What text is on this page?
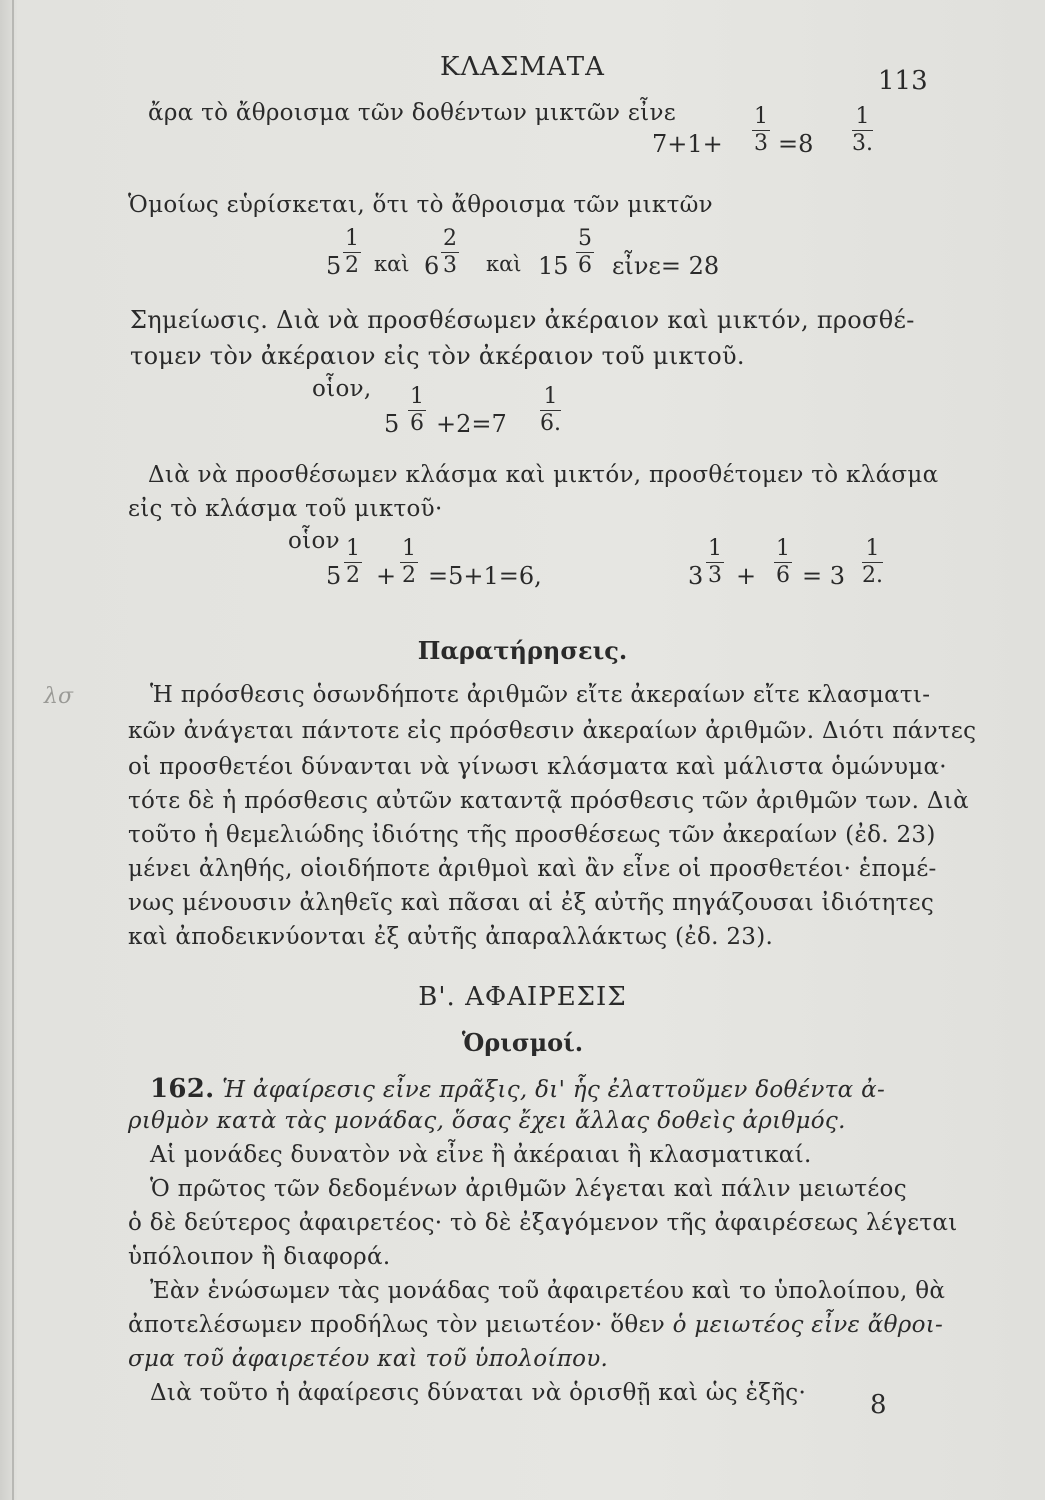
ΚΛΑΣΜΑΤΑ	113
ἄρα τὸ ἄθροισμα τῶν δοθέντων μικτῶν εἶνε
$7+1+ \frac{1}{3} =8 \frac{1}{3.}$
Ὁμοίως εὑρίσκεται, ὅτι τὸ ἄθροισμα τῶν μικτῶν
$5 \frac{1}{2}$ καὶ $6 \frac{2}{3}$ καὶ $15 \frac{5}{6}$ εἶνε= 28
Σημείωσις. Διὰ νὰ προσθέσωμεν ἀκέραιον καὶ μικτόν, προσθέ-
τομεν τὸν ἀκέραιον εἰς τὸν ἀκέραιον τοῦ μικτοῦ.
οἷον,
$5 \frac{1}{6} +2=7 \frac{1}{6.}$
Διὰ νὰ προσθέσωμεν κλάσμα καὶ μικτόν, προσθέτομεν τὸ κλάσμα
εἰς τὸ κλάσμα τοῦ μικτοῦ·
οἷον
$5 \frac{1}{2} + \frac{1}{2} =5+1=6$,	$3 \frac{1}{3} + \frac{1}{6} = 3 \frac{1}{2.}$
Παρατήρησεις.
λσ	Ἡ πρόσθεσις ὁσωνδήποτε ἀριθμῶν εἴτε ἀκεραίων εἴτε κλασματι-
κῶν ἀνάγεται πάντοτε εἰς πρόσθεσιν ἀκεραίων ἀριθμῶν. Διότι πάντες
οἱ προσθετέοι δύνανται νὰ γίνωσι κλάσματα καὶ μάλιστα ὁμώνυμα·
τότε δὲ ἡ πρόσθεσις αὐτῶν καταντᾷ πρόσθεσις τῶν ἀριθμῶν των. Διὰ
τοῦτο ἡ θεμελιώδης ἰδιότης τῆς προσθέσεως τῶν ἀκεραίων (ἐδ. 23)
μένει ἀληθής, οἱοιδήποτε ἀριθμοὶ καὶ ἂν εἶνε οἱ προσθετέοι· ἑπομέ-
νως μένουσιν ἀληθεῖς καὶ πᾶσαι αἱ ἐξ αὐτῆς πηγάζουσαι ἰδιότητες
καὶ ἀποδεικνύονται ἐξ αὐτῆς ἀπαραλλάκτως (ἐδ. 23).
Β'. ΑΦΑΙΡΕΣΙΣ
Ὁρισμοί.
162. Ἡ ἀφαίρεσις εἶνε πρᾶξις, δι' ἧς ἐλαττοῦμεν δοθέντα ἀ-
ριθμὸν κατὰ τὰς μονάδας, ὅσας ἔχει ἄλλας δοθεὶς ἀριθμός.
Αἱ μονάδες δυνατὸν νὰ εἶνε ἢ ἀκέραιαι ἢ κλασματικαί.
Ὁ πρῶτος τῶν δεδομένων ἀριθμῶν λέγεται καὶ πάλιν μειωτέος
ὁ δὲ δεύτερος ἀφαιρετέος· τὸ δὲ ἐξαγόμενον τῆς ἀφαιρέσεως λέγεται
ὑπόλοιπον ἢ διαφορά.
Ἐὰν ἑνώσωμεν τὰς μονάδας τοῦ ἀφαιρετέου καὶ το ὑπολοίπου, θὰ
ἀποτελέσωμεν προδήλως τὸν μειωτέον· ὅθεν ὁ μειωτέος εἶνε ἄθροι-
σμα τοῦ ἀφαιρετέου καὶ τοῦ ὑπολοίπου.
Διὰ τοῦτο ἡ ἀφαίρεσις δύναται νὰ ὁρισθῇ καὶ ὡς ἑξῆς· 8
